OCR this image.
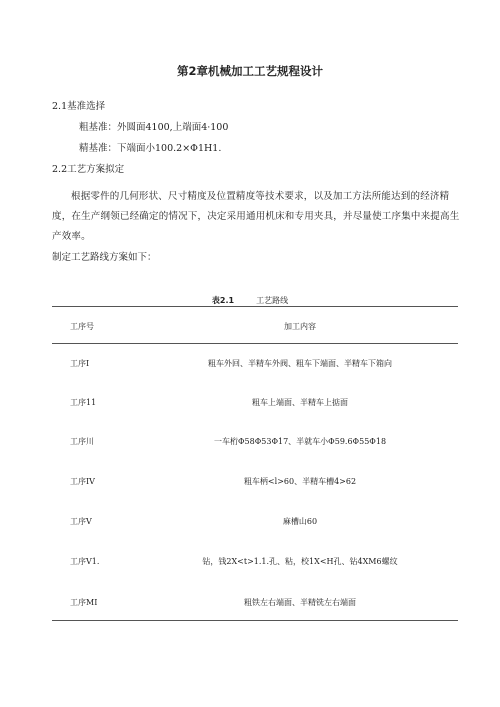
第2章机械加工工艺规程设计
2.1基准选择
粗基准：外圆面4100,上端面4·100
精基准：下端面小100.2×Φ1H1.
2.2工艺方案拟定
根据零件的几何形状、尺寸精度及位置精度等技术要求，以及加工方法所能达到的经济精度，在生产纲领已经确定的情况下，决定采用通用机床和专用夹具，并尽量使工序集中来提高生产效率。
制定工艺路线方案如下：
表2.1	工艺路线
工序号	加工内容
工序I	粗车外回、半精车外阀、粗车下端面、半精车下箱向
工序11	粗车上端面、半精车上掂面
工序川	一车桁Φ58Φ53Φ17、半就车小Φ59.6Φ55Φ18
工序IV	粗车柄<l>60、半精车槽4>62
工序V	麻槽山60
工序V1.	钻，钱2X<t>1.1.孔、粘，校1X<H孔、钻4XM6螺纹
工序MI	粗铁左右端面、半精铣左右端面
